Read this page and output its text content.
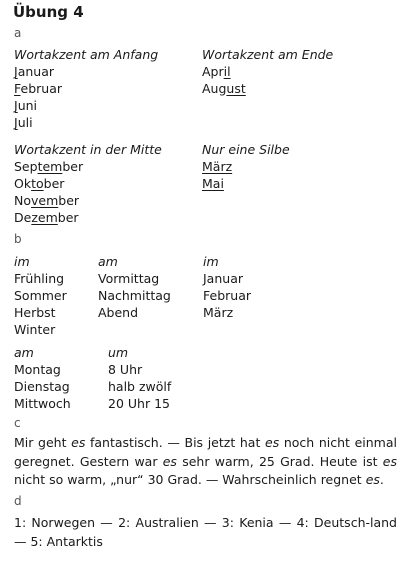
Übung 4
a
Wortakzent am Anfang
Januar
Februar
Juni
Juli
Wortakzent am Ende
April
August
Wortakzent in der Mitte
September
Oktober
November
Dezember
Nur eine Silbe
März
Mai
b
im
Frühling
Sommer
Herbst
Winter
am
Vormittag
Nachmittag
Abend
im
Januar
Februar
März
am
Montag
Dienstag
Mittwoch
um
8 Uhr
halb zwölf
20 Uhr 15
c
Mir geht es fantastisch. — Bis jetzt hat es noch nicht einmal geregnet. Gestern war es sehr warm, 25 Grad. Heute ist es nicht so warm, „nur“ 30 Grad. — Wahrscheinlich regnet es.
d
1: Norwegen — 2: Australien — 3: Kenia — 4: Deutsch-land — 5: Antarktis
